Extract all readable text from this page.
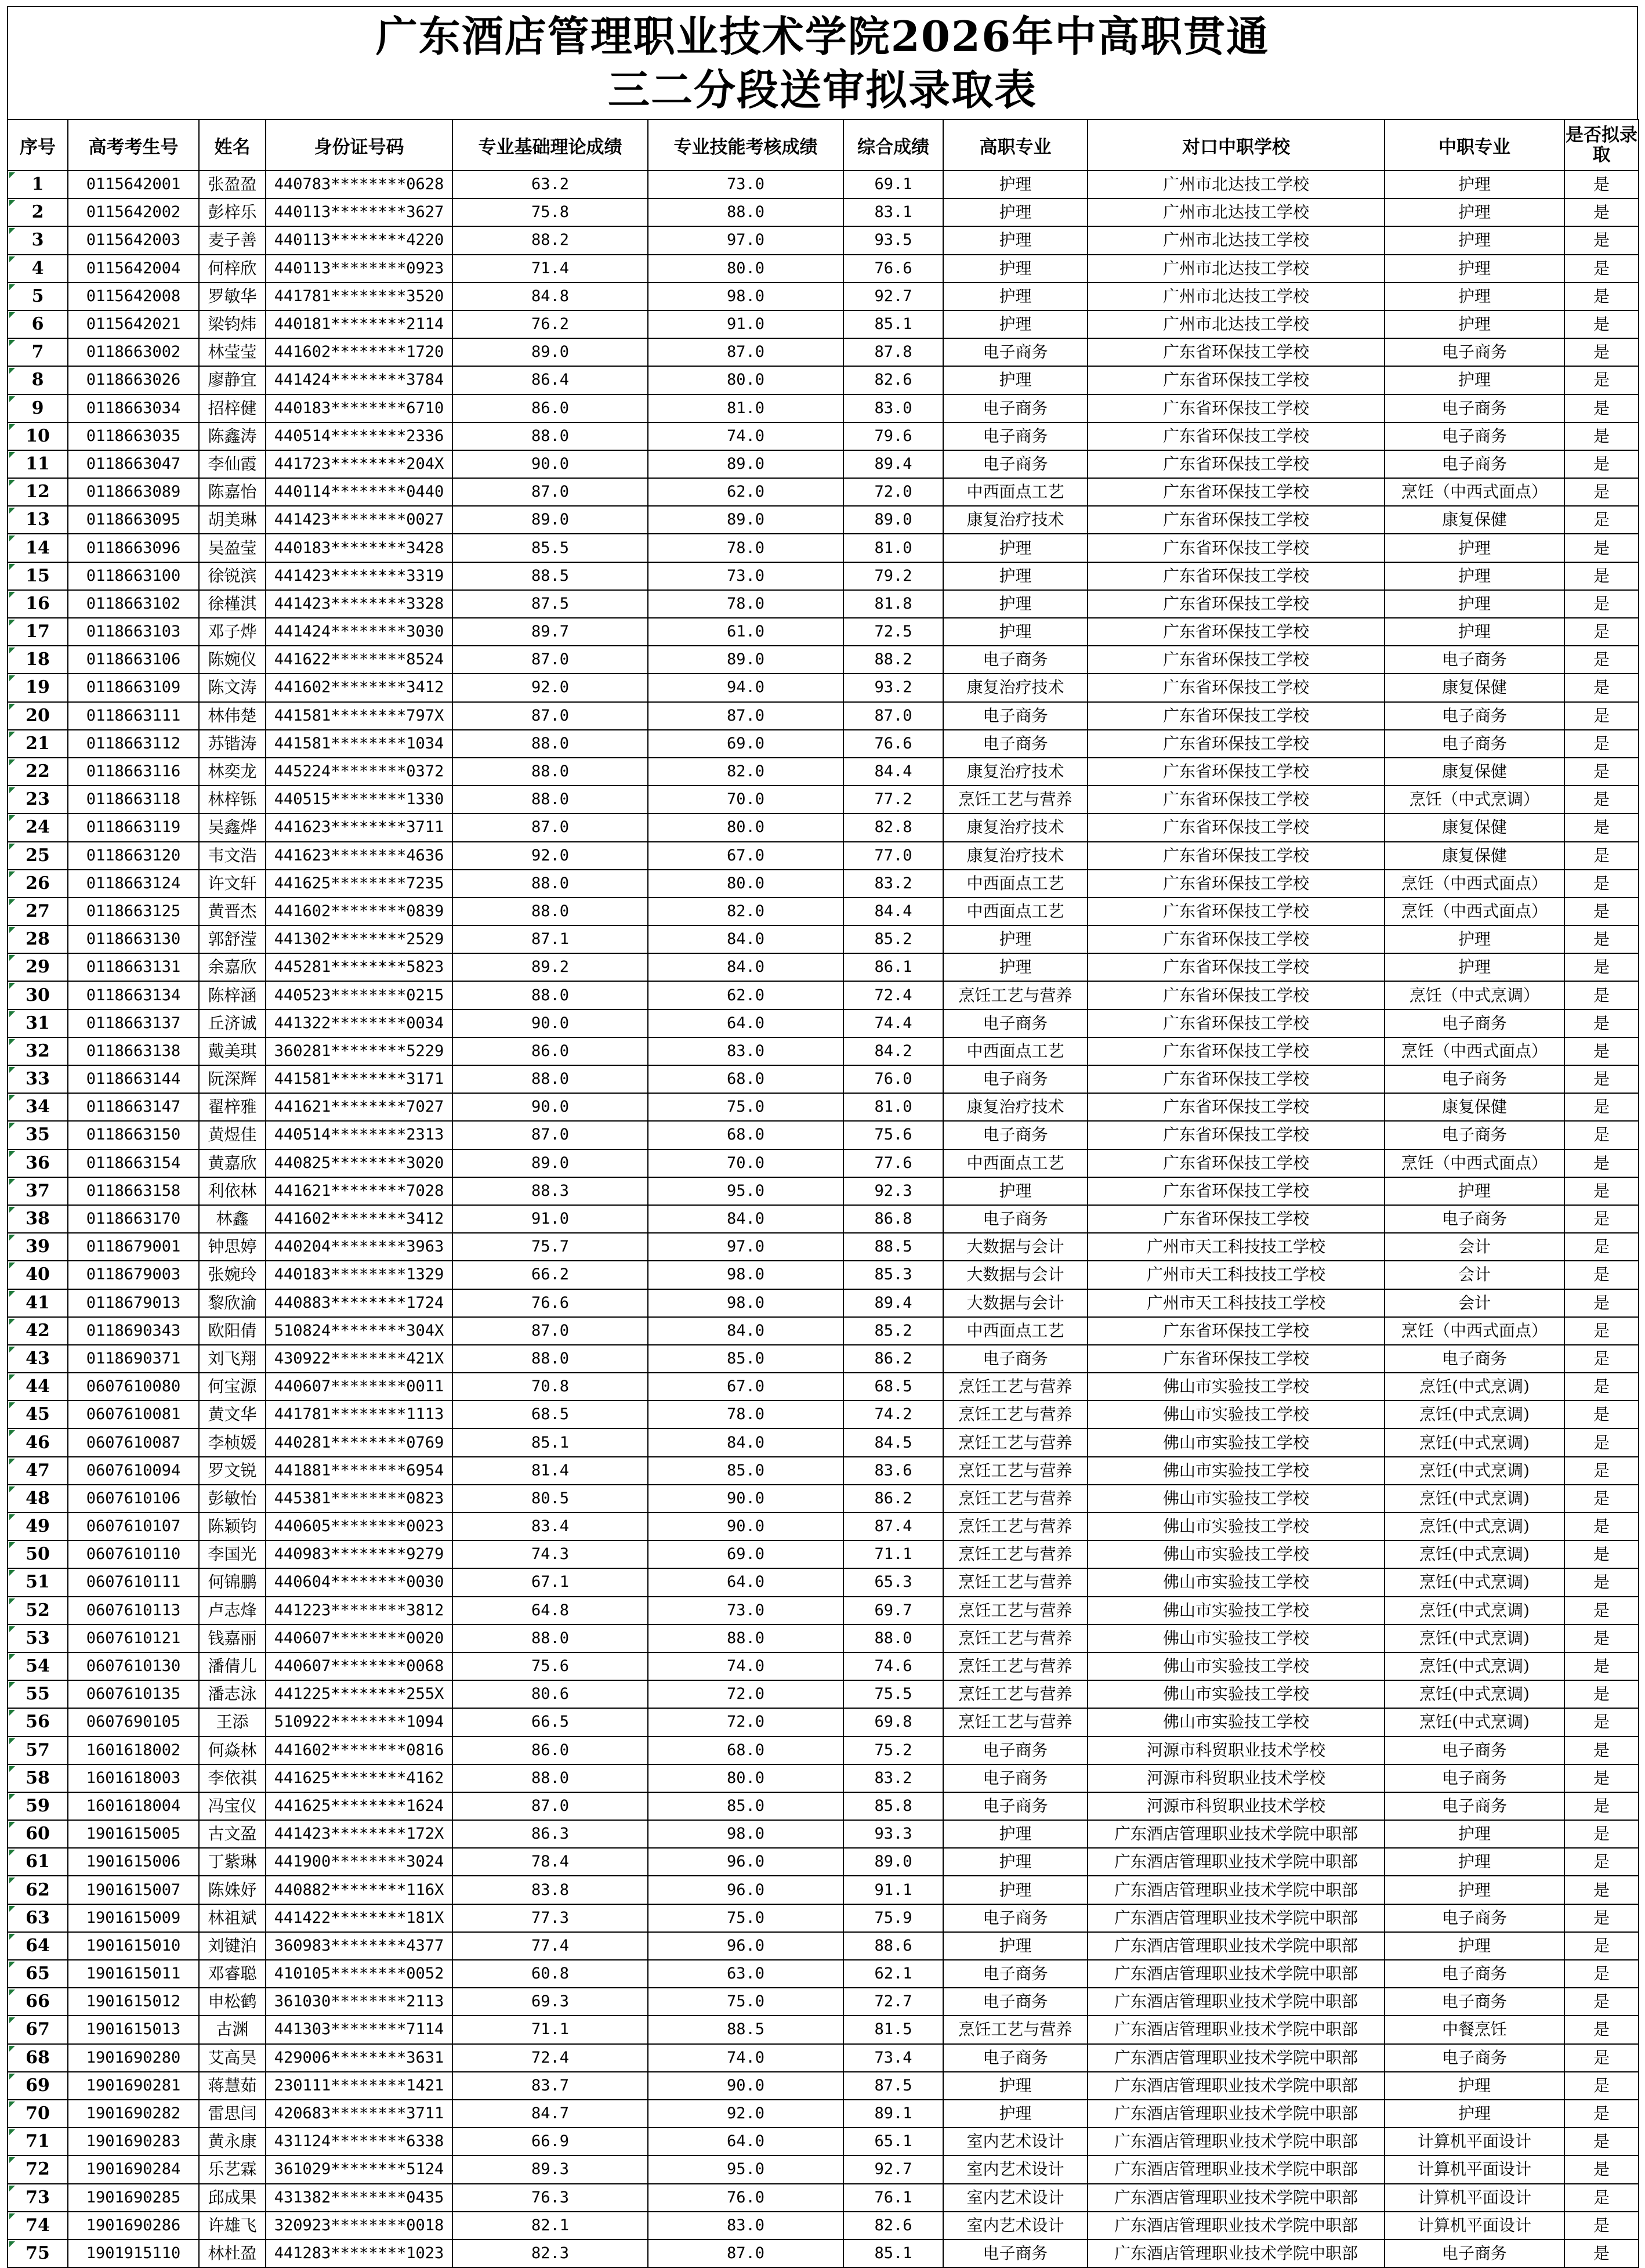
广东酒店管理职业技术学院2026年中高职贯通
三二分段送审拟录取表
序号	高考考生号	姓名	身份证号码	专业基础理论成绩	专业技能考核成绩	综合成绩	高职专业	对口中职学校	中职专业	是否拟录取
1	0115642001	张盈盈	440783********0628	63.2	73.0	69.1	护理	广州市北达技工学校	护理	是
2	0115642002	彭梓乐	440113********3627	75.8	88.0	83.1	护理	广州市北达技工学校	护理	是
3	0115642003	麦子善	440113********4220	88.2	97.0	93.5	护理	广州市北达技工学校	护理	是
4	0115642004	何梓欣	440113********0923	71.4	80.0	76.6	护理	广州市北达技工学校	护理	是
5	0115642008	罗敏华	441781********3520	84.8	98.0	92.7	护理	广州市北达技工学校	护理	是
6	0115642021	梁钧炜	440181********2114	76.2	91.0	85.1	护理	广州市北达技工学校	护理	是
7	0118663002	林莹莹	441602********1720	89.0	87.0	87.8	电子商务	广东省环保技工学校	电子商务	是
8	0118663026	廖静宜	441424********3784	86.4	80.0	82.6	护理	广东省环保技工学校	护理	是
9	0118663034	招梓健	440183********6710	86.0	81.0	83.0	电子商务	广东省环保技工学校	电子商务	是
10	0118663035	陈鑫涛	440514********2336	88.0	74.0	79.6	电子商务	广东省环保技工学校	电子商务	是
11	0118663047	李仙霞	441723********204X	90.0	89.0	89.4	电子商务	广东省环保技工学校	电子商务	是
12	0118663089	陈嘉怡	440114********0440	87.0	62.0	72.0	中西面点工艺	广东省环保技工学校	烹饪（中西式面点）	是
13	0118663095	胡美琳	441423********0027	89.0	89.0	89.0	康复治疗技术	广东省环保技工学校	康复保健	是
14	0118663096	吴盈莹	440183********3428	85.5	78.0	81.0	护理	广东省环保技工学校	护理	是
15	0118663100	徐锐滨	441423********3319	88.5	73.0	79.2	护理	广东省环保技工学校	护理	是
16	0118663102	徐槿淇	441423********3328	87.5	78.0	81.8	护理	广东省环保技工学校	护理	是
17	0118663103	邓子烨	441424********3030	89.7	61.0	72.5	护理	广东省环保技工学校	护理	是
18	0118663106	陈婉仪	441622********8524	87.0	89.0	88.2	电子商务	广东省环保技工学校	电子商务	是
19	0118663109	陈文涛	441602********3412	92.0	94.0	93.2	康复治疗技术	广东省环保技工学校	康复保健	是
20	0118663111	林伟楚	441581********797X	87.0	87.0	87.0	电子商务	广东省环保技工学校	电子商务	是
21	0118663112	苏锴涛	441581********1034	88.0	69.0	76.6	电子商务	广东省环保技工学校	电子商务	是
22	0118663116	林奕龙	445224********0372	88.0	82.0	84.4	康复治疗技术	广东省环保技工学校	康复保健	是
23	0118663118	林梓铄	440515********1330	88.0	70.0	77.2	烹饪工艺与营养	广东省环保技工学校	烹饪（中式烹调）	是
24	0118663119	吴鑫烨	441623********3711	87.0	80.0	82.8	康复治疗技术	广东省环保技工学校	康复保健	是
25	0118663120	韦文浩	441623********4636	92.0	67.0	77.0	康复治疗技术	广东省环保技工学校	康复保健	是
26	0118663124	许文轩	441625********7235	88.0	80.0	83.2	中西面点工艺	广东省环保技工学校	烹饪（中西式面点）	是
27	0118663125	黄晋杰	441602********0839	88.0	82.0	84.4	中西面点工艺	广东省环保技工学校	烹饪（中西式面点）	是
28	0118663130	郭舒滢	441302********2529	87.1	84.0	85.2	护理	广东省环保技工学校	护理	是
29	0118663131	余嘉欣	445281********5823	89.2	84.0	86.1	护理	广东省环保技工学校	护理	是
30	0118663134	陈梓涵	440523********0215	88.0	62.0	72.4	烹饪工艺与营养	广东省环保技工学校	烹饪（中式烹调）	是
31	0118663137	丘济诚	441322********0034	90.0	64.0	74.4	电子商务	广东省环保技工学校	电子商务	是
32	0118663138	戴美琪	360281********5229	86.0	83.0	84.2	中西面点工艺	广东省环保技工学校	烹饪（中西式面点）	是
33	0118663144	阮深辉	441581********3171	88.0	68.0	76.0	电子商务	广东省环保技工学校	电子商务	是
34	0118663147	翟梓雅	441621********7027	90.0	75.0	81.0	康复治疗技术	广东省环保技工学校	康复保健	是
35	0118663150	黄煜佳	440514********2313	87.0	68.0	75.6	电子商务	广东省环保技工学校	电子商务	是
36	0118663154	黄嘉欣	440825********3020	89.0	70.0	77.6	中西面点工艺	广东省环保技工学校	烹饪（中西式面点）	是
37	0118663158	利依林	441621********7028	88.3	95.0	92.3	护理	广东省环保技工学校	护理	是
38	0118663170	林鑫	441602********3412	91.0	84.0	86.8	电子商务	广东省环保技工学校	电子商务	是
39	0118679001	钟思婷	440204********3963	75.7	97.0	88.5	大数据与会计	广州市天工科技技工学校	会计	是
40	0118679003	张婉玲	440183********1329	66.2	98.0	85.3	大数据与会计	广州市天工科技技工学校	会计	是
41	0118679013	黎欣渝	440883********1724	76.6	98.0	89.4	大数据与会计	广州市天工科技技工学校	会计	是
42	0118690343	欧阳倩	510824********304X	87.0	84.0	85.2	中西面点工艺	广东省环保技工学校	烹饪（中西式面点）	是
43	0118690371	刘飞翔	430922********421X	88.0	85.0	86.2	电子商务	广东省环保技工学校	电子商务	是
44	0607610080	何宝源	440607********0011	70.8	67.0	68.5	烹饪工艺与营养	佛山市实验技工学校	烹饪(中式烹调)	是
45	0607610081	黄文华	441781********1113	68.5	78.0	74.2	烹饪工艺与营养	佛山市实验技工学校	烹饪(中式烹调)	是
46	0607610087	李桢媛	440281********0769	85.1	84.0	84.5	烹饪工艺与营养	佛山市实验技工学校	烹饪(中式烹调)	是
47	0607610094	罗文锐	441881********6954	81.4	85.0	83.6	烹饪工艺与营养	佛山市实验技工学校	烹饪(中式烹调)	是
48	0607610106	彭敏怡	445381********0823	80.5	90.0	86.2	烹饪工艺与营养	佛山市实验技工学校	烹饪(中式烹调)	是
49	0607610107	陈颖钧	440605********0023	83.4	90.0	87.4	烹饪工艺与营养	佛山市实验技工学校	烹饪(中式烹调)	是
50	0607610110	李国光	440983********9279	74.3	69.0	71.1	烹饪工艺与营养	佛山市实验技工学校	烹饪(中式烹调)	是
51	0607610111	何锦鹏	440604********0030	67.1	64.0	65.3	烹饪工艺与营养	佛山市实验技工学校	烹饪(中式烹调)	是
52	0607610113	卢志烽	441223********3812	64.8	73.0	69.7	烹饪工艺与营养	佛山市实验技工学校	烹饪(中式烹调)	是
53	0607610121	钱嘉丽	440607********0020	88.0	88.0	88.0	烹饪工艺与营养	佛山市实验技工学校	烹饪(中式烹调)	是
54	0607610130	潘倩儿	440607********0068	75.6	74.0	74.6	烹饪工艺与营养	佛山市实验技工学校	烹饪(中式烹调)	是
55	0607610135	潘志泳	441225********255X	80.6	72.0	75.5	烹饪工艺与营养	佛山市实验技工学校	烹饪(中式烹调)	是
56	0607690105	王添	510922********1094	66.5	72.0	69.8	烹饪工艺与营养	佛山市实验技工学校	烹饪(中式烹调)	是
57	1601618002	何焱林	441602********0816	86.0	68.0	75.2	电子商务	河源市科贸职业技术学校	电子商务	是
58	1601618003	李依祺	441625********4162	88.0	80.0	83.2	电子商务	河源市科贸职业技术学校	电子商务	是
59	1601618004	冯宝仪	441625********1624	87.0	85.0	85.8	电子商务	河源市科贸职业技术学校	电子商务	是
60	1901615005	古文盈	441423********172X	86.3	98.0	93.3	护理	广东酒店管理职业技术学院中职部	护理	是
61	1901615006	丁紫琳	441900********3024	78.4	96.0	89.0	护理	广东酒店管理职业技术学院中职部	护理	是
62	1901615007	陈姝妤	440882********116X	83.8	96.0	91.1	护理	广东酒店管理职业技术学院中职部	护理	是
63	1901615009	林祖斌	441422********181X	77.3	75.0	75.9	电子商务	广东酒店管理职业技术学院中职部	电子商务	是
64	1901615010	刘键泊	360983********4377	77.4	96.0	88.6	护理	广东酒店管理职业技术学院中职部	护理	是
65	1901615011	邓睿聪	410105********0052	60.8	63.0	62.1	电子商务	广东酒店管理职业技术学院中职部	电子商务	是
66	1901615012	申松鹤	361030********2113	69.3	75.0	72.7	电子商务	广东酒店管理职业技术学院中职部	电子商务	是
67	1901615013	古渊	441303********7114	71.1	88.5	81.5	烹饪工艺与营养	广东酒店管理职业技术学院中职部	中餐烹饪	是
68	1901690280	艾高昊	429006********3631	72.4	74.0	73.4	电子商务	广东酒店管理职业技术学院中职部	电子商务	是
69	1901690281	蒋慧茹	230111********1421	83.7	90.0	87.5	护理	广东酒店管理职业技术学院中职部	护理	是
70	1901690282	雷思闫	420683********3711	84.7	92.0	89.1	护理	广东酒店管理职业技术学院中职部	护理	是
71	1901690283	黄永康	431124********6338	66.9	64.0	65.1	室内艺术设计	广东酒店管理职业技术学院中职部	计算机平面设计	是
72	1901690284	乐艺霖	361029********5124	89.3	95.0	92.7	室内艺术设计	广东酒店管理职业技术学院中职部	计算机平面设计	是
73	1901690285	邱成果	431382********0435	76.3	76.0	76.1	室内艺术设计	广东酒店管理职业技术学院中职部	计算机平面设计	是
74	1901690286	许雄飞	320923********0018	82.1	83.0	82.6	室内艺术设计	广东酒店管理职业技术学院中职部	计算机平面设计	是
75	1901915110	林杜盈	441283********1023	82.3	87.0	85.1	电子商务	广东酒店管理职业技术学院中职部	电子商务	是
